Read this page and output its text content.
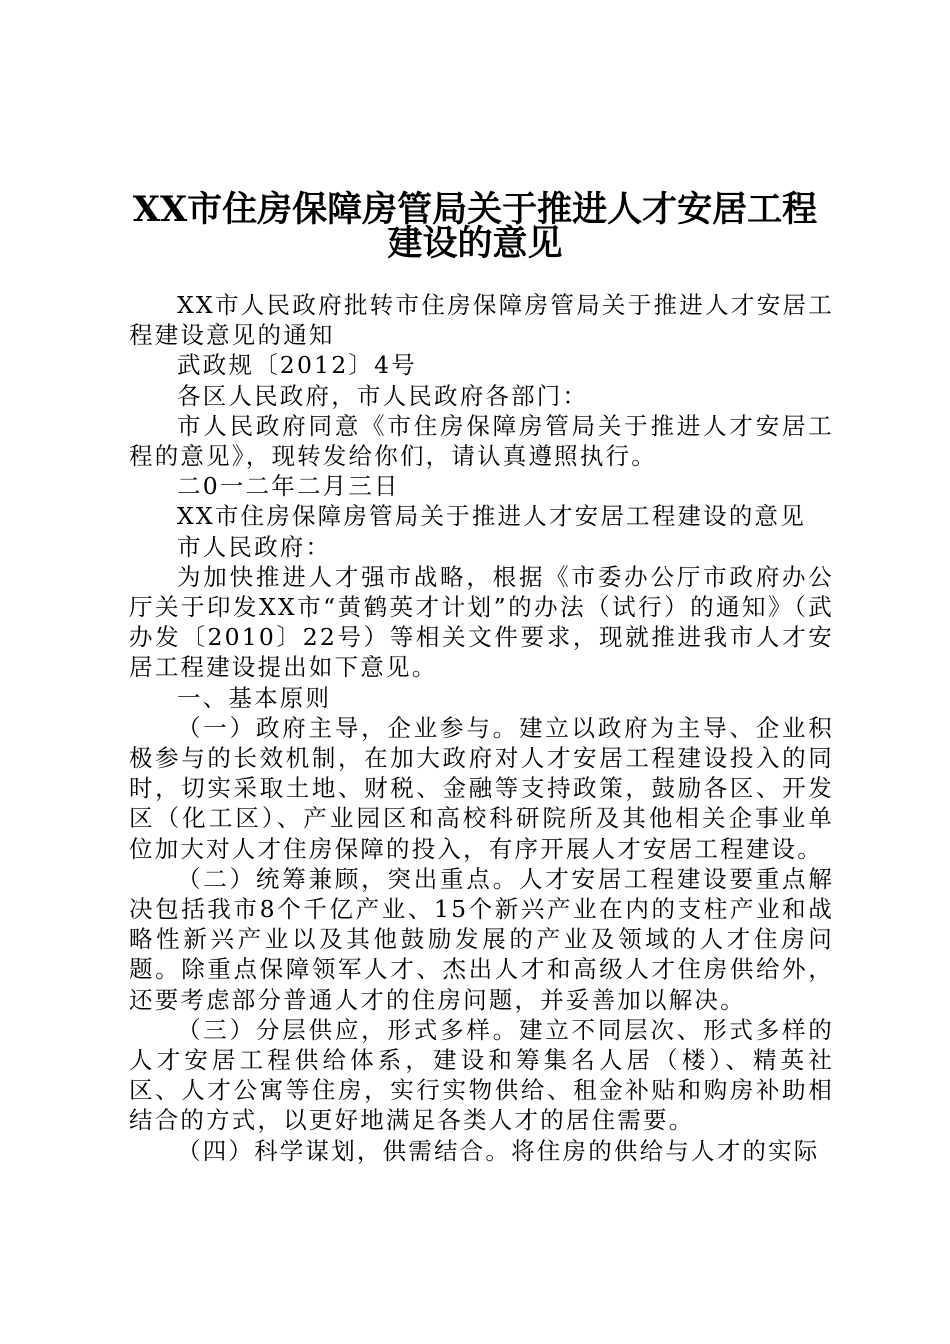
XX市住房保障房管局关于推进人才安居工程
建设的意见

XX市人民政府批转市住房保障房管局关于推进人才安居工程建设意见的通知

武政规〔2012〕4号

各区人民政府，市人民政府各部门：

市人民政府同意《市住房保障房管局关于推进人才安居工程的意见》，现转发给你们，请认真遵照执行。

二0一二年二月三日

XX市住房保障房管局关于推进人才安居工程建设的意见

市人民政府：

为加快推进人才强市战略，根据《市委办公厅市政府办公厅关于印发XX市“黄鹤英才计划”的办法（试行）的通知》（武办发〔2010〕22号）等相关文件要求，现就推进我市人才安居工程建设提出如下意见。

一、基本原则

（一）政府主导，企业参与。建立以政府为主导、企业积极参与的长效机制，在加大政府对人才安居工程建设投入的同时，切实采取土地、财税、金融等支持政策，鼓励各区、开发区（化工区）、产业园区和高校科研院所及其他相关企事业单位加大对人才住房保障的投入，有序开展人才安居工程建设。

（二）统筹兼顾，突出重点。人才安居工程建设要重点解决包括我市8个千亿产业、15个新兴产业在内的支柱产业和战略性新兴产业以及其他鼓励发展的产业及领域的人才住房问题。除重点保障领军人才、杰出人才和高级人才住房供给外，还要考虑部分普通人才的住房问题，并妥善加以解决。

（三）分层供应，形式多样。建立不同层次、形式多样的人才安居工程供给体系，建设和筹集名人居（楼）、精英社区、人才公寓等住房，实行实物供给、租金补贴和购房补助相结合的方式，以更好地满足各类人才的居住需要。

（四）科学谋划，供需结合。将住房的供给与人才的实际
